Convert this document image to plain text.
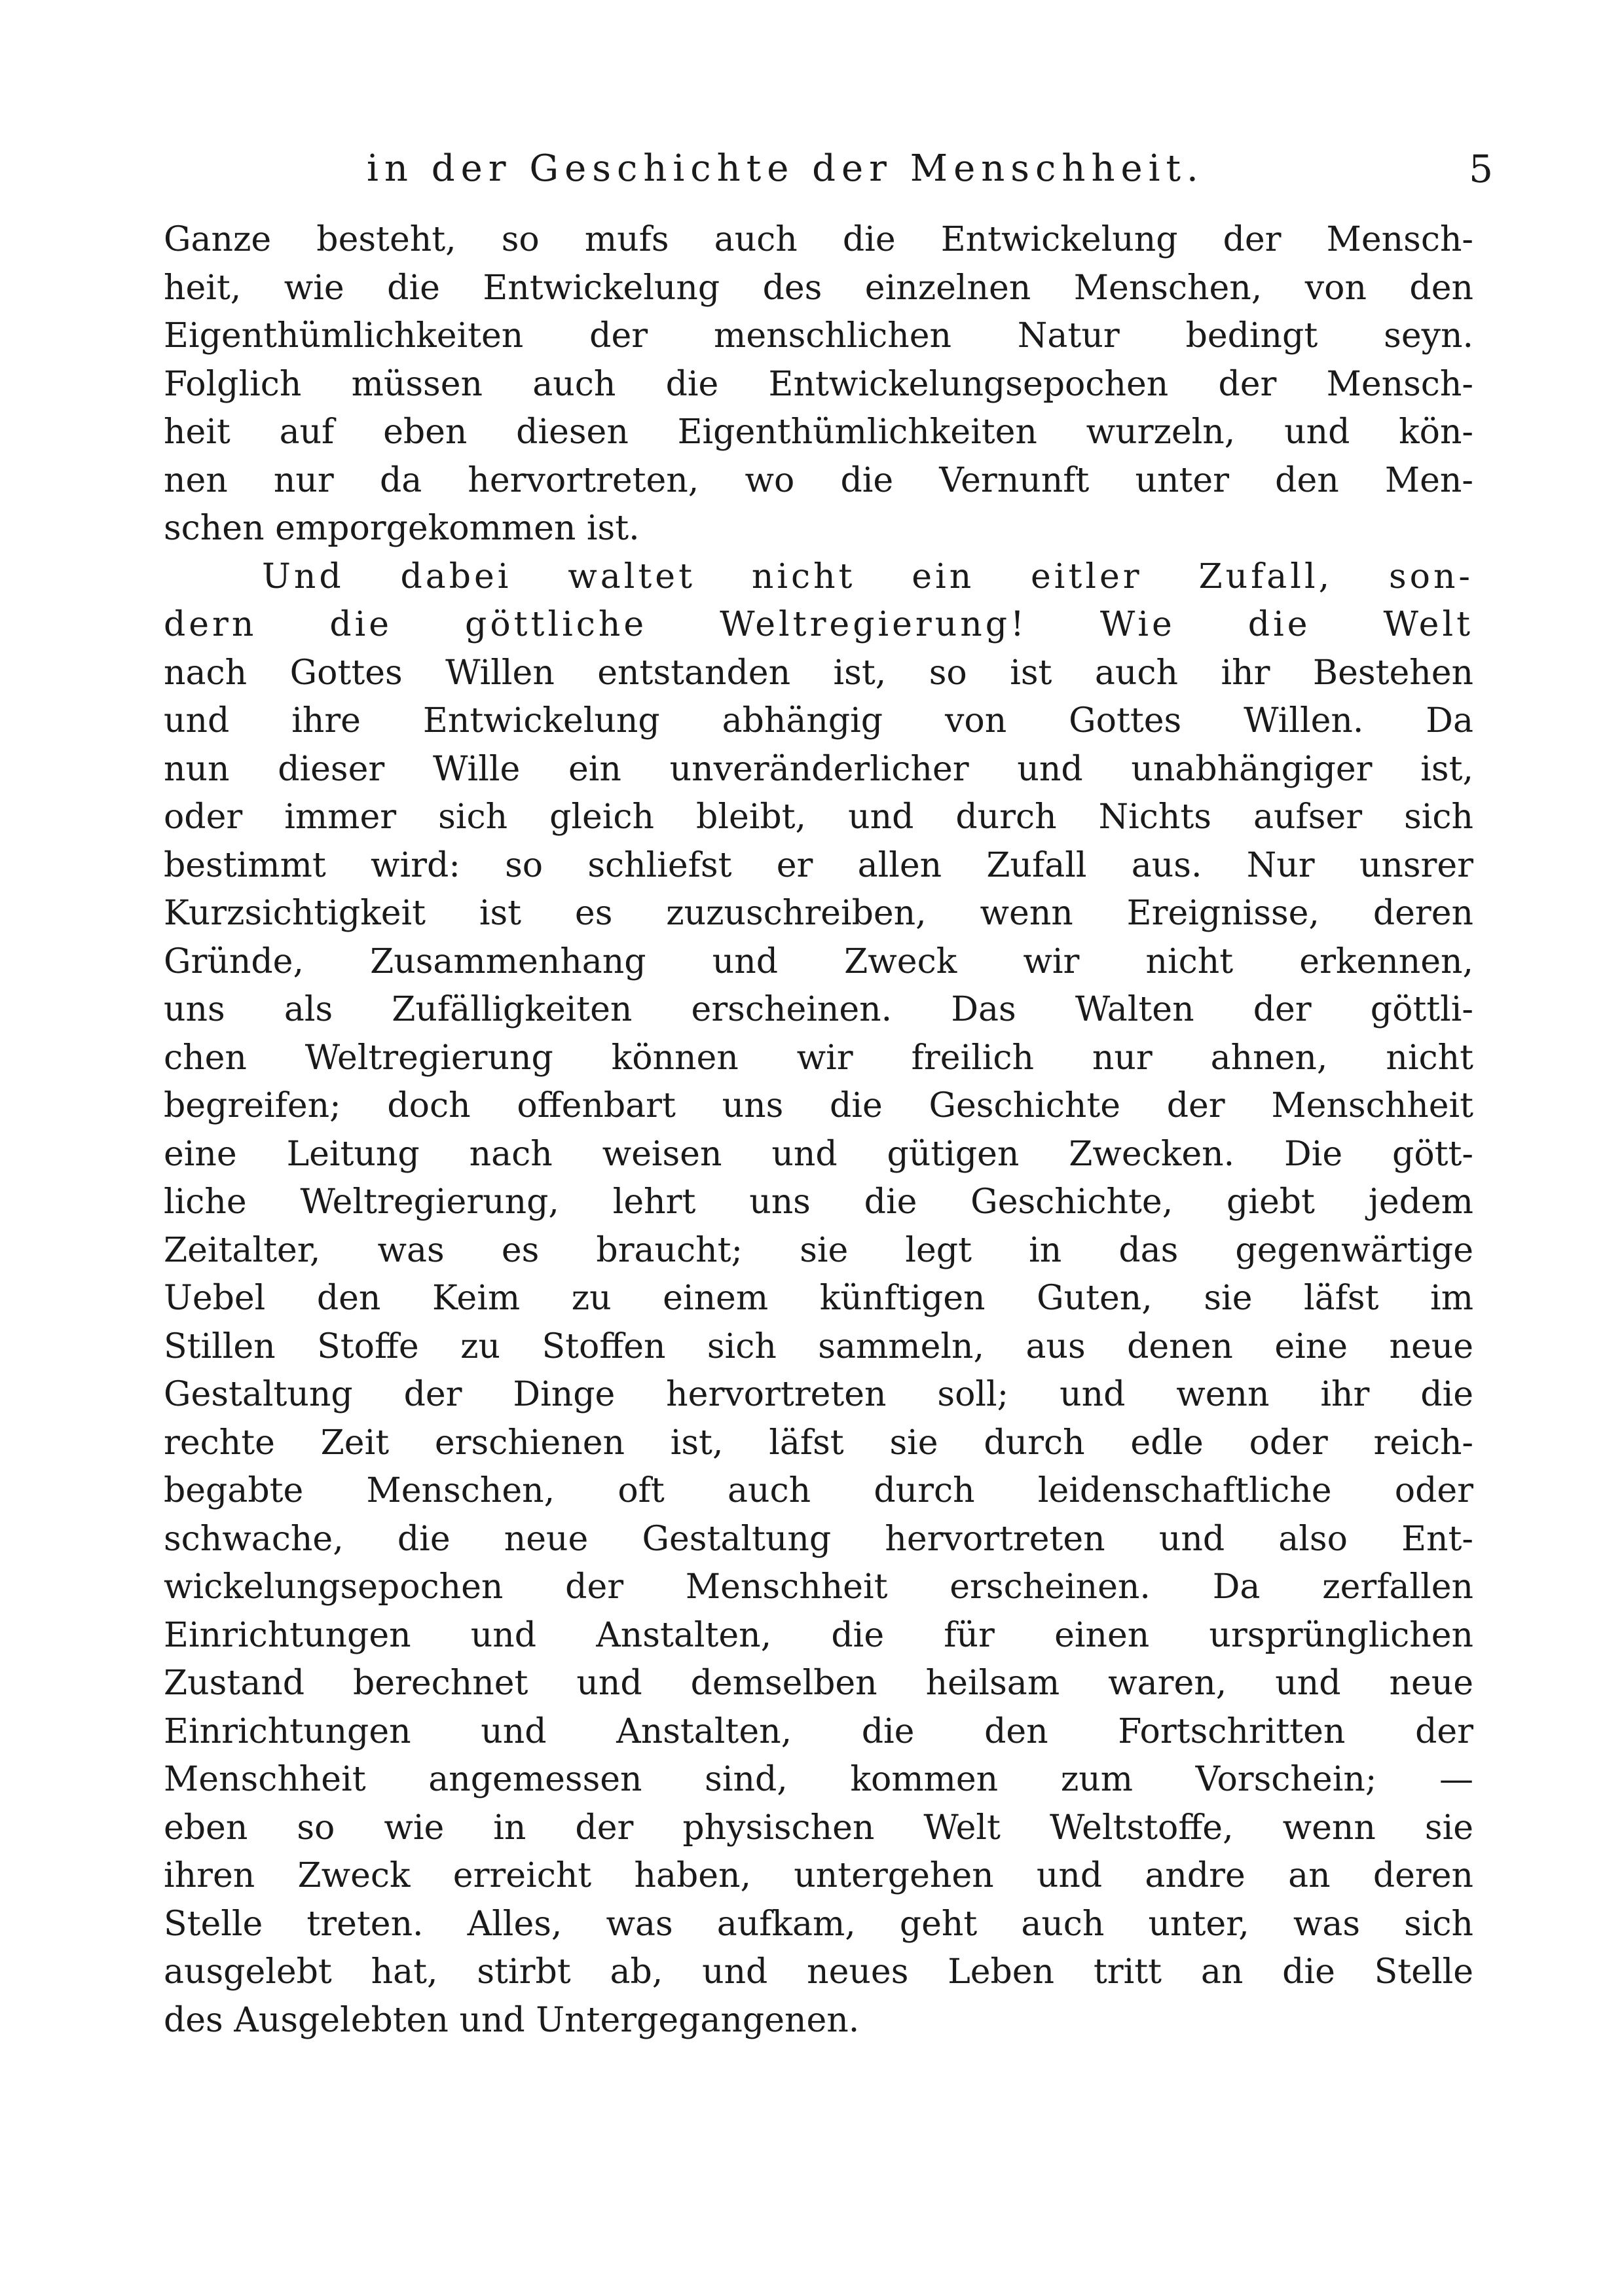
in der Geschichte der Menschheit.	5
Ganze besteht, so mufs auch die Entwickelung der Mensch-
heit, wie die Entwickelung des einzelnen Menschen, von den
Eigenthümlichkeiten der menschlichen Natur bedingt seyn.
Folglich müssen auch die Entwickelungsepochen der Mensch-
heit auf eben diesen Eigenthümlichkeiten wurzeln, und kön-
nen nur da hervortreten, wo die Vernunft unter den Men-
schen emporgekommen ist.
Und dabei waltet nicht ein eitler Zufall, son-
dern die göttliche Weltregierung! Wie die Welt
nach Gottes Willen entstanden ist, so ist auch ihr Bestehen
und ihre Entwickelung abhängig von Gottes Willen. Da
nun dieser Wille ein unveränderlicher und unabhängiger ist,
oder immer sich gleich bleibt, und durch Nichts aufser sich
bestimmt wird: so schliefst er allen Zufall aus. Nur unsrer
Kurzsichtigkeit ist es zuzuschreiben, wenn Ereignisse, deren
Gründe, Zusammenhang und Zweck wir nicht erkennen,
uns als Zufälligkeiten erscheinen. Das Walten der göttli-
chen Weltregierung können wir freilich nur ahnen, nicht
begreifen; doch offenbart uns die Geschichte der Menschheit
eine Leitung nach weisen und gütigen Zwecken. Die gött-
liche Weltregierung, lehrt uns die Geschichte, giebt jedem
Zeitalter, was es braucht; sie legt in das gegenwärtige
Uebel den Keim zu einem künftigen Guten, sie läfst im
Stillen Stoffe zu Stoffen sich sammeln, aus denen eine neue
Gestaltung der Dinge hervortreten soll; und wenn ihr die
rechte Zeit erschienen ist, läfst sie durch edle oder reich-
begabte Menschen, oft auch durch leidenschaftliche oder
schwache, die neue Gestaltung hervortreten und also Ent-
wickelungsepochen der Menschheit erscheinen. Da zerfallen
Einrichtungen und Anstalten, die für einen ursprünglichen
Zustand berechnet und demselben heilsam waren, und neue
Einrichtungen und Anstalten, die den Fortschritten der
Menschheit angemessen sind, kommen zum Vorschein; —
eben so wie in der physischen Welt Weltstoffe, wenn sie
ihren Zweck erreicht haben, untergehen und andre an deren
Stelle treten. Alles, was aufkam, geht auch unter, was sich
ausgelebt hat, stirbt ab, und neues Leben tritt an die Stelle
des Ausgelebten und Untergegangenen.
